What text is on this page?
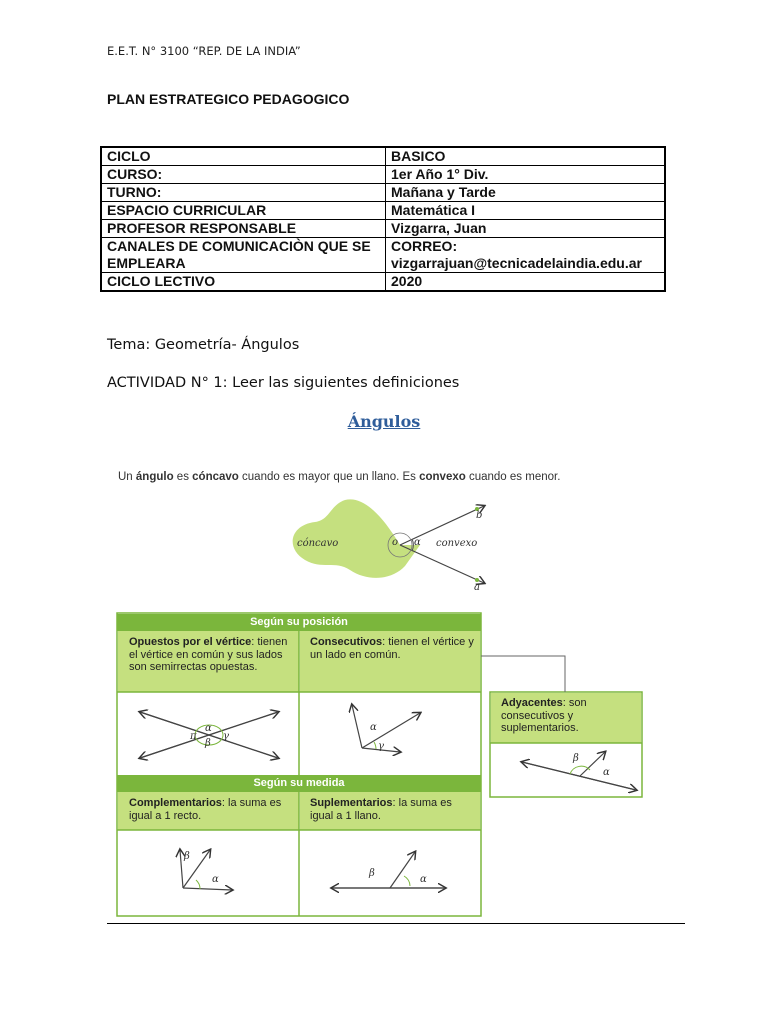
E.E.T. N° 3100 “REP. DE LA INDIA”
PLAN ESTRATEGICO PEDAGOGICO
CICLO	BASICO
CURSO:	1er Año 1° Div.
TURNO:	Mañana y Tarde
ESPACIO CURRICULAR	Matemática I
PROFESOR RESPONSABLE	Vizgarra, Juan
CANALES DE COMUNICACIÒN QUE SE EMPLEARA	CORREO: vizgarrajuan@tecnicadelaindia.edu.ar
CICLO LECTIVO	2020
Tema: Geometría- Ángulos
ACTIVIDAD N° 1: Leer las siguientes definiciones
Ángulos
Un ángulo es cóncavo cuando es mayor que un llano. Es convexo cuando es menor.
cóncavo	convexo
o α
b
a
Según su posición
Según su medida
Opuestos por el vértice: tienen el vértice en común y sus lados son semirrectas opuestas.
Consecutivos: tienen el vértice y un lado en común.
Adyacentes: son consecutivos y suplementarios.
Complementarios: la suma es igual a 1 recto.
Suplementarios: la suma es igual a 1 llano.
α
π	γ
β
α
γ
β
α
β
α
β
α
